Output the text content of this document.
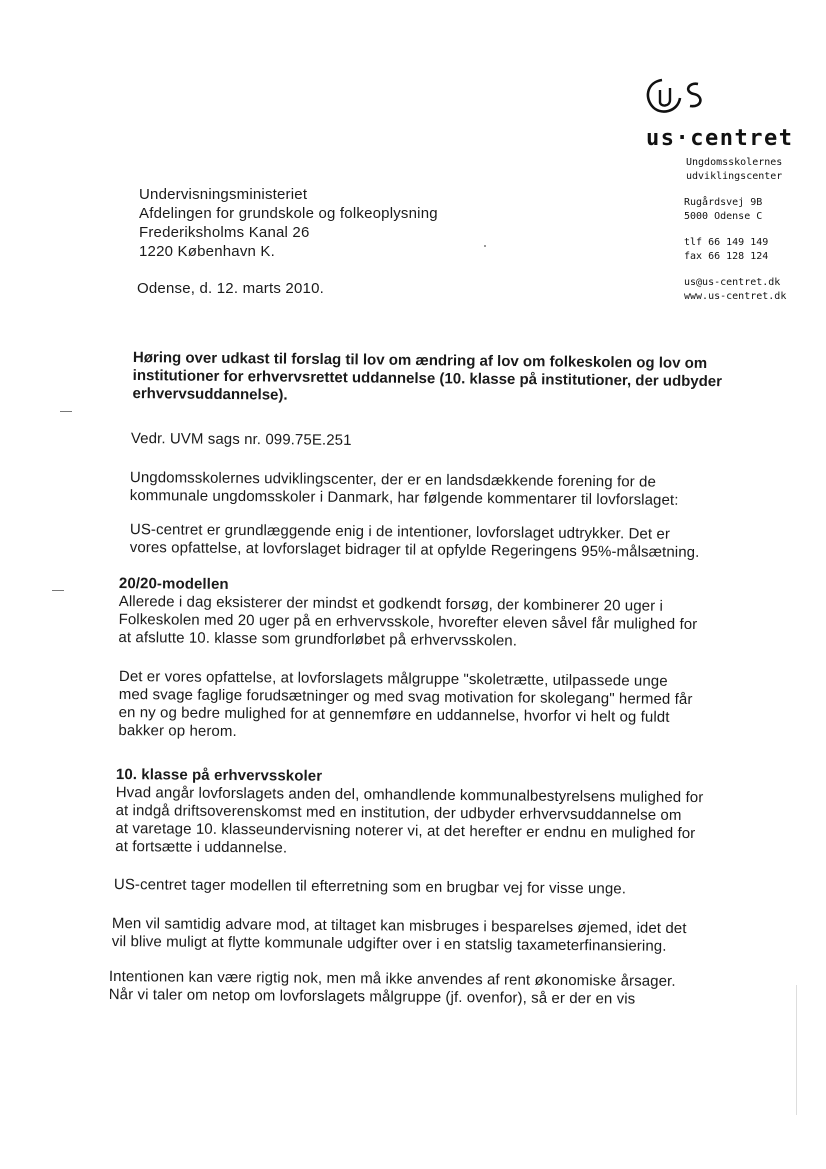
us·centret
Ungdomsskolernes
udviklingscenter
Rugårdsvej 9B
5000 Odense C
tlf 66 149 149
fax 66 128 124
us@us-centret.dk
www.us-centret.dk
Undervisningsministeriet
Afdelingen for grundskole og folkeoplysning
Frederiksholms Kanal 26
1220 København K.
Odense, d. 12. marts 2010.
Høring over udkast til forslag til lov om ændring af lov om folkeskolen og lov om institutioner for erhvervsrettet uddannelse (10. klasse på institutioner, der udbyder erhvervsuddannelse).
Vedr. UVM sags nr. 099.75E.251
Ungdomsskolernes udviklingscenter, der er en landsdækkende forening for de
kommunale ungdomsskoler i Danmark, har følgende kommentarer til lovforslaget:
US-centret er grundlæggende enig i de intentioner, lovforslaget udtrykker. Det er
vores opfattelse, at lovforslaget bidrager til at opfylde Regeringens 95%-målsætning.
20/20-modellen
Allerede i dag eksisterer der mindst et godkendt forsøg, der kombinerer 20 uger i
Folkeskolen med 20 uger på en erhvervsskole, hvorefter eleven såvel får mulighed for
at afslutte 10. klasse som grundforløbet på erhvervsskolen.
Det er vores opfattelse, at lovforslagets målgruppe "skoletrætte, utilpassede unge
med svage faglige forudsætninger og med svag motivation for skolegang" hermed får
en ny og bedre mulighed for at gennemføre en uddannelse, hvorfor vi helt og fuldt
bakker op herom.
10. klasse på erhvervsskoler
Hvad angår lovforslagets anden del, omhandlende kommunalbestyrelsens mulighed for
at indgå driftsoverenskomst med en institution, der udbyder erhvervsuddannelse om
at varetage 10. klasseundervisning noterer vi, at det herefter er endnu en mulighed for
at fortsætte i uddannelse.
US-centret tager modellen til efterretning som en brugbar vej for visse unge.
Men vil samtidig advare mod, at tiltaget kan misbruges i besparelses øjemed, idet det
vil blive muligt at flytte kommunale udgifter over i en statslig taxameterfinansiering.
Intentionen kan være rigtig nok, men må ikke anvendes af rent økonomiske årsager.
Når vi taler om netop om lovforslagets målgruppe (jf. ovenfor), så er der en vis
